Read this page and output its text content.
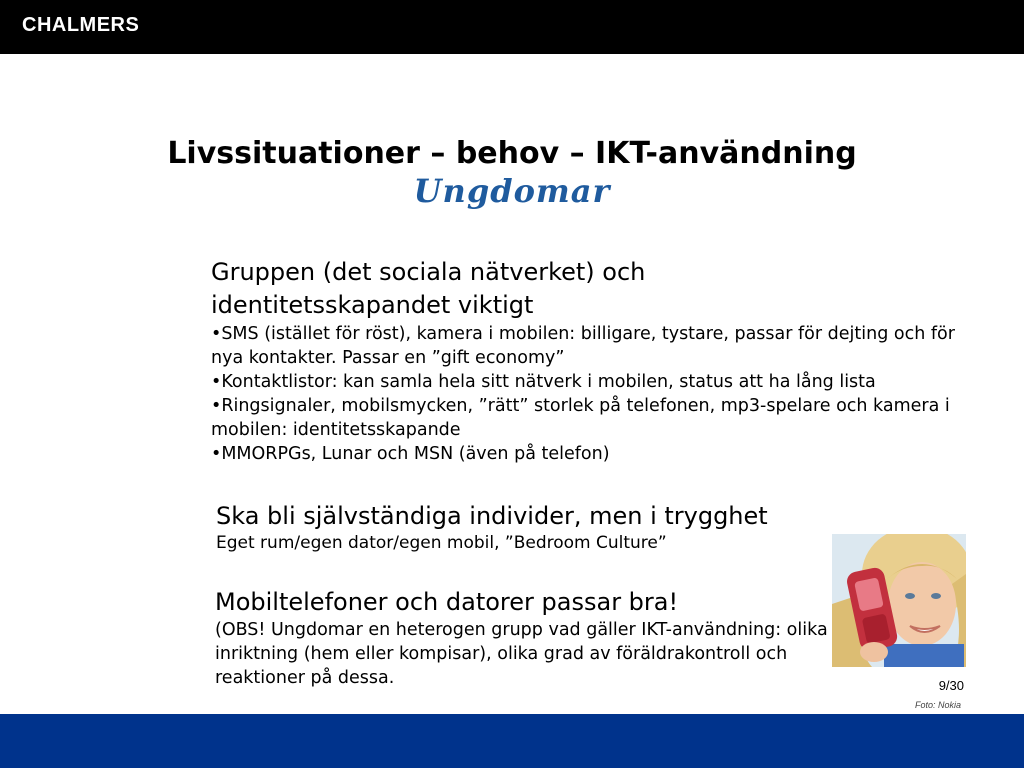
CHALMERS
Livssituationer – behov – IKT-användning
Ungdomar
Gruppen (det sociala nätverket) och identitetsskapandet viktigt
•SMS (istället för röst), kamera i mobilen: billigare, tystare, passar för dejting och för nya kontakter. Passar en ”gift economy”
•Kontaktlistor: kan samla hela sitt nätverk i mobilen, status att ha lång lista
•Ringsignaler, mobilsmycken, ”rätt” storlek på telefonen, mp3-spelare och kamera i mobilen: identitetsskapande
•MMORPGs, Lunar och MSN (även på telefon)
Ska bli självständiga individer, men i trygghet
Eget rum/egen dator/egen mobil, ”Bedroom Culture”
Mobiltelefoner och datorer passar bra!
(OBS! Ungdomar en heterogen grupp vad gäller IKT-användning: olika inriktning (hem eller kompisar), olika grad av föräldrakontroll och reaktioner på dessa.	9/30
Foto: Nokia
